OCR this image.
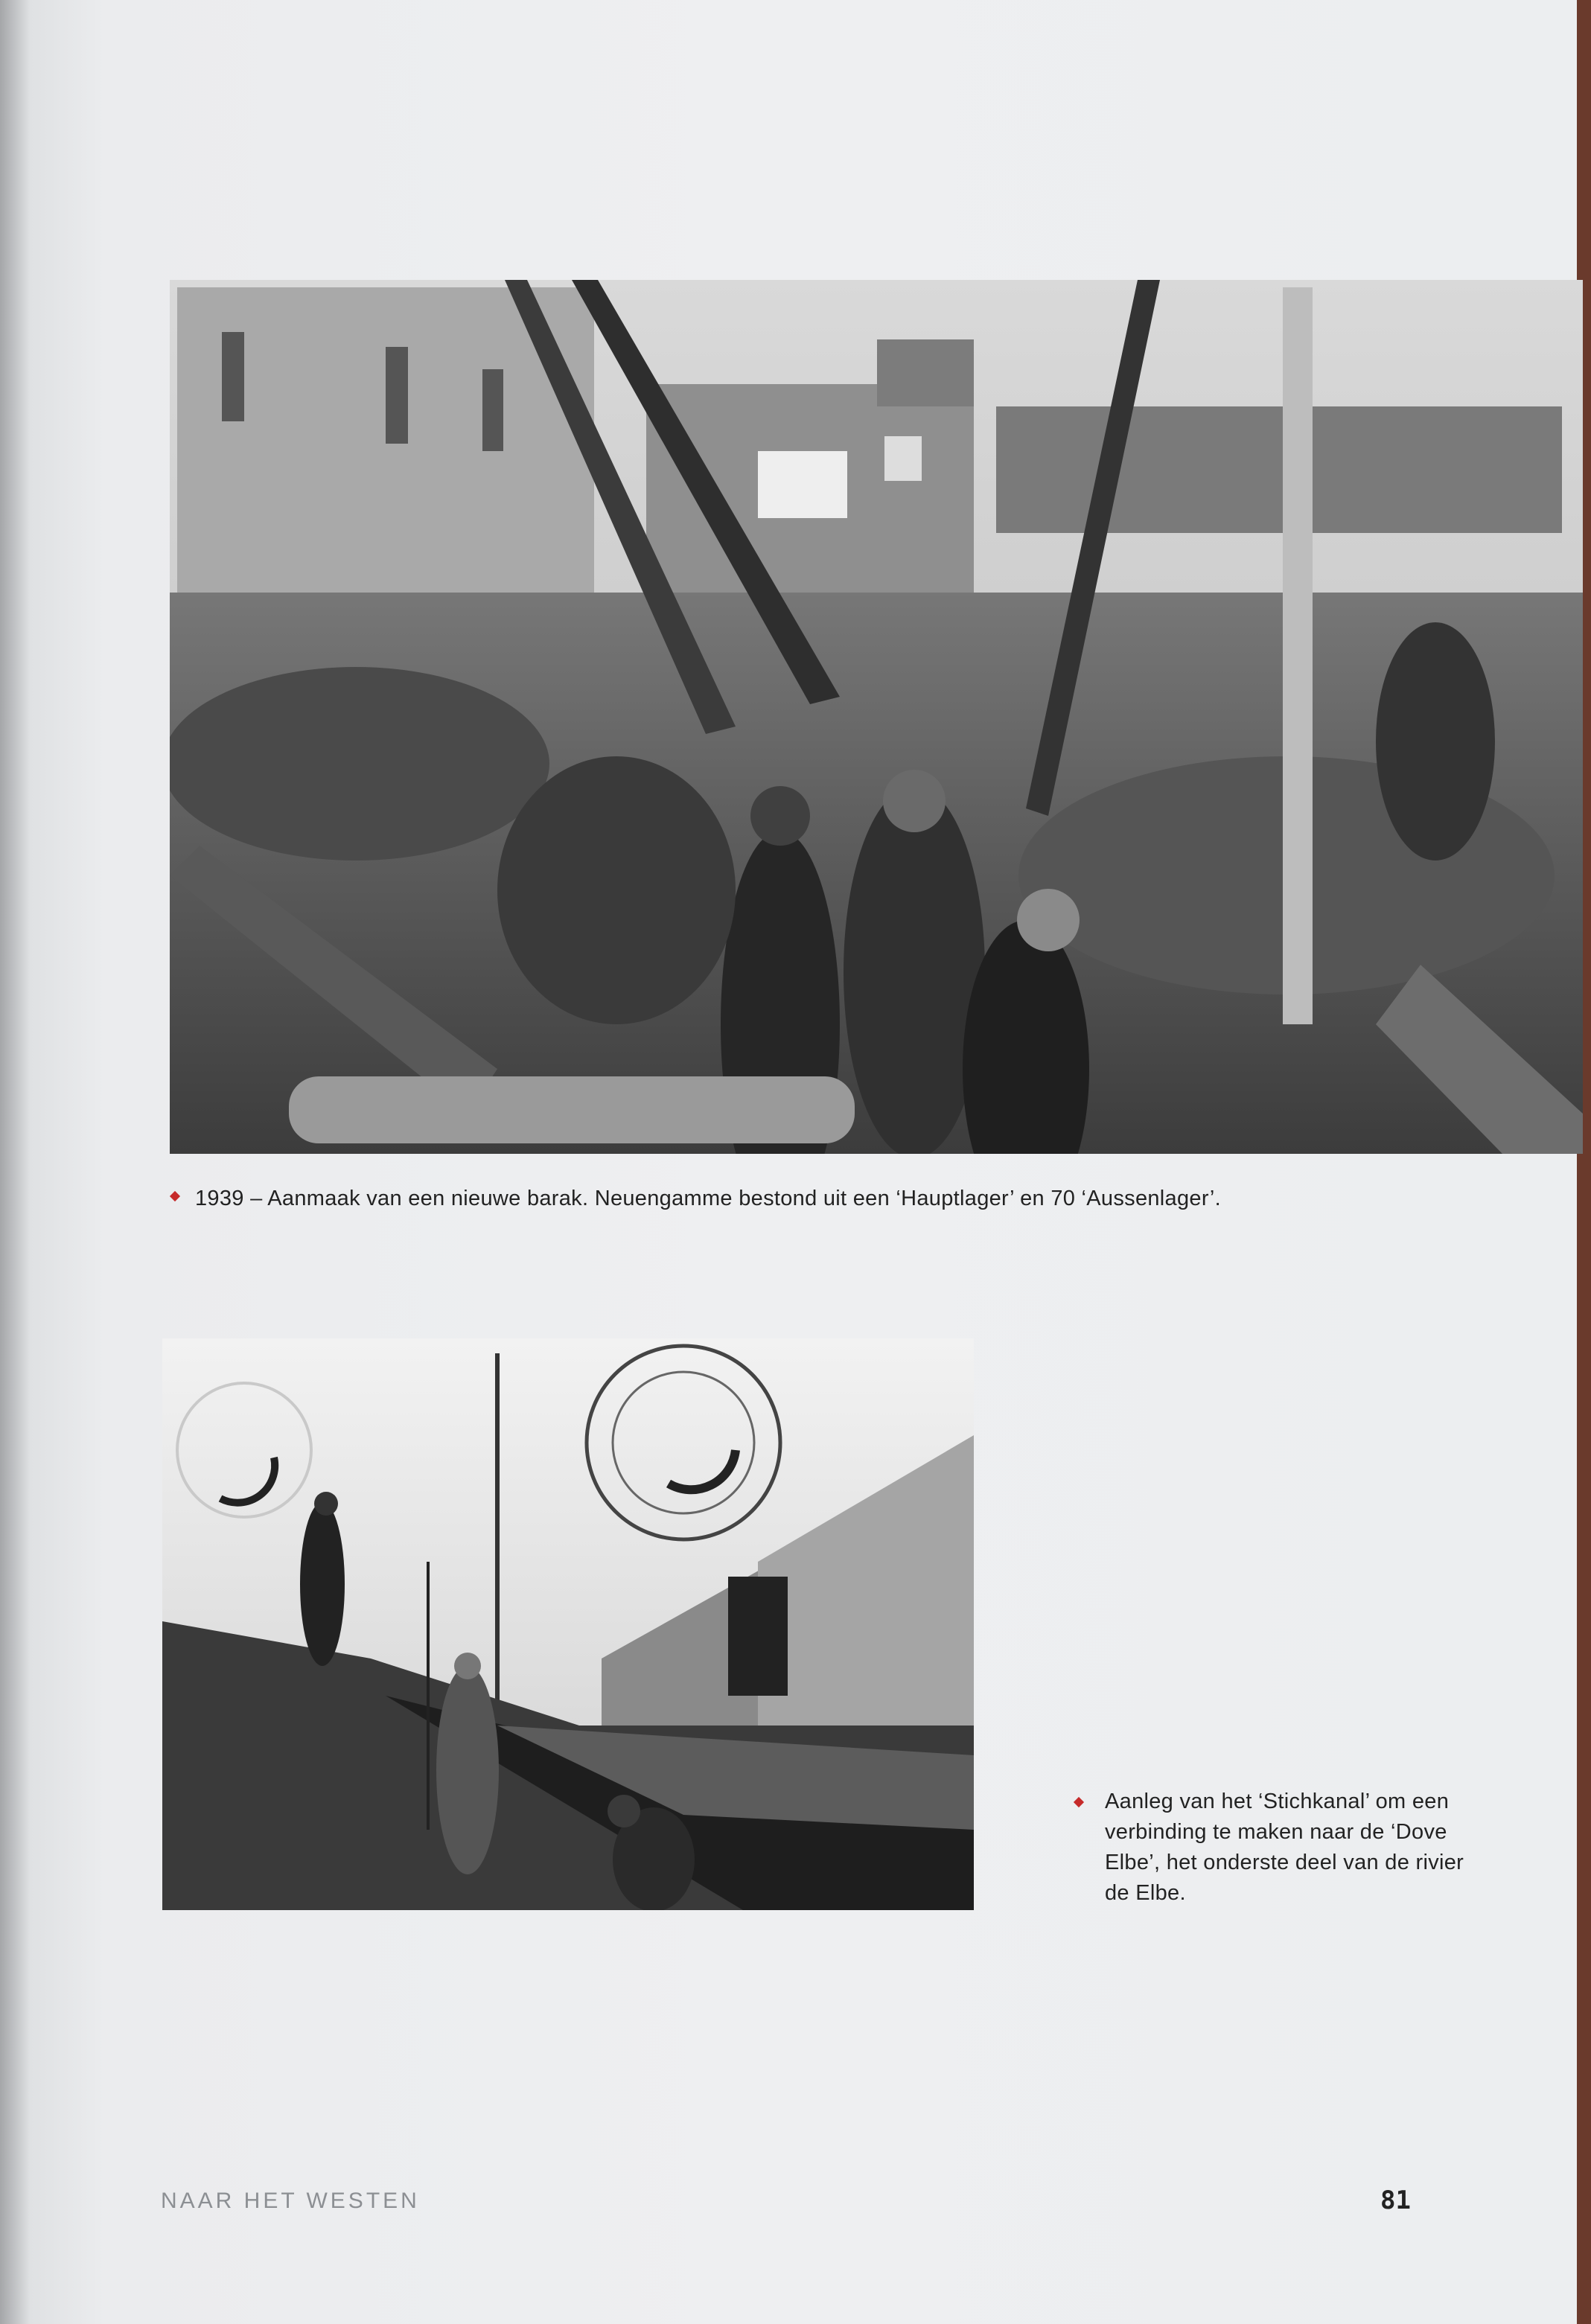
1939 – Aanmaak van een nieuwe barak. Neuengamme bestond uit een ‘Hauptlager’ en 70 ‘Aussenlager’.
Aanleg van het ‘Stichkanal’ om een verbinding te maken naar de ‘Dove Elbe’, het onderste deel van de rivier de Elbe.
NAAR HET WESTEN	81
